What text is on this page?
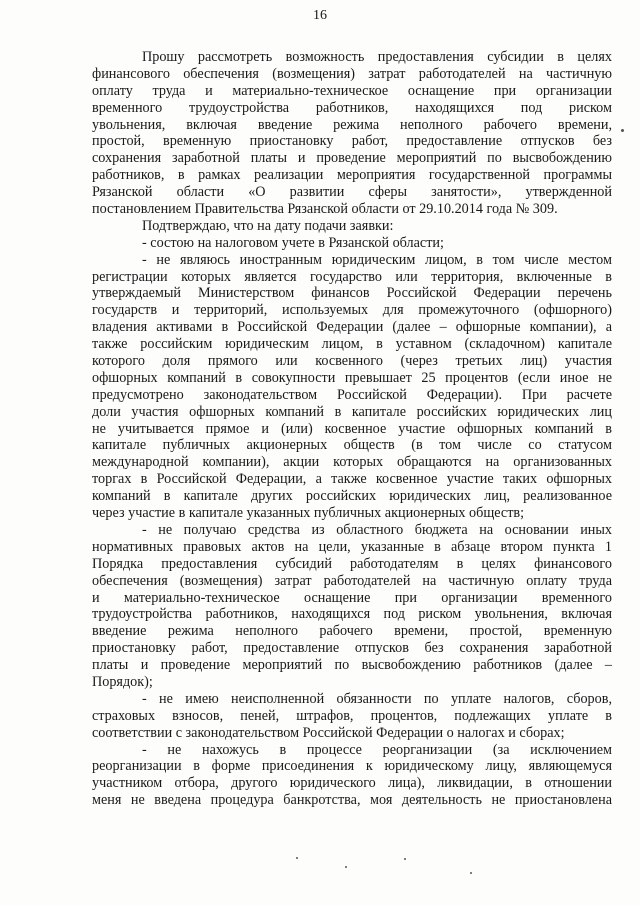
16
Прошу рассмотреть возможность предоставления субсидии в целях
финансового обеспечения (возмещения) затрат работодателей на частичную
оплату труда и материально-техническое оснащение при организации
временного трудоустройства работников, находящихся под риском
увольнения, включая введение режима неполного рабочего времени,
простой, временную приостановку работ, предоставление отпусков без
сохранения заработной платы и проведение мероприятий по высвобождению
работников, в рамках реализации мероприятия государственной программы
Рязанской области «О развитии сферы занятости», утвержденной
постановлением Правительства Рязанской области от 29.10.2014 года № 309.
Подтверждаю, что на дату подачи заявки:
- состою на налоговом учете в Рязанской области;
- не являюсь иностранным юридическим лицом, в том числе местом
регистрации которых является государство или территория, включенные в
утверждаемый Министерством финансов Российской Федерации перечень
государств и территорий, используемых для промежуточного (офшорного)
владения активами в Российской Федерации (далее – офшорные компании), а
также российским юридическим лицом, в уставном (складочном) капитале
которого доля прямого или косвенного (через третьих лиц) участия
офшорных компаний в совокупности превышает 25 процентов (если иное не
предусмотрено законодательством Российской Федерации). При расчете
доли участия офшорных компаний в капитале российских юридических лиц
не учитывается прямое и (или) косвенное участие офшорных компаний в
капитале публичных акционерных обществ (в том числе со статусом
международной компании), акции которых обращаются на организованных
торгах в Российской Федерации, а также косвенное участие таких офшорных
компаний в капитале других российских юридических лиц, реализованное
через участие в капитале указанных публичных акционерных обществ;
- не получаю средства из областного бюджета на основании иных
нормативных правовых актов на цели, указанные в абзаце втором пункта 1
Порядка предоставления субсидий работодателям в целях финансового
обеспечения (возмещения) затрат работодателей на частичную оплату труда
и материально-техническое оснащение при организации временного
трудоустройства работников, находящихся под риском увольнения, включая
введение режима неполного рабочего времени, простой, временную
приостановку работ, предоставление отпусков без сохранения заработной
платы и проведение мероприятий по высвобождению работников (далее –
Порядок);
- не имею неисполненной обязанности по уплате налогов, сборов,
страховых взносов, пеней, штрафов, процентов, подлежащих уплате в
соответствии с законодательством Российской Федерации о налогах и сборах;
- не нахожусь в процессе реорганизации (за исключением
реорганизации в форме присоединения к юридическому лицу, являющемуся
участником отбора, другого юридического лица), ликвидации, в отношении
меня не введена процедура банкротства, моя деятельность не приостановлена
